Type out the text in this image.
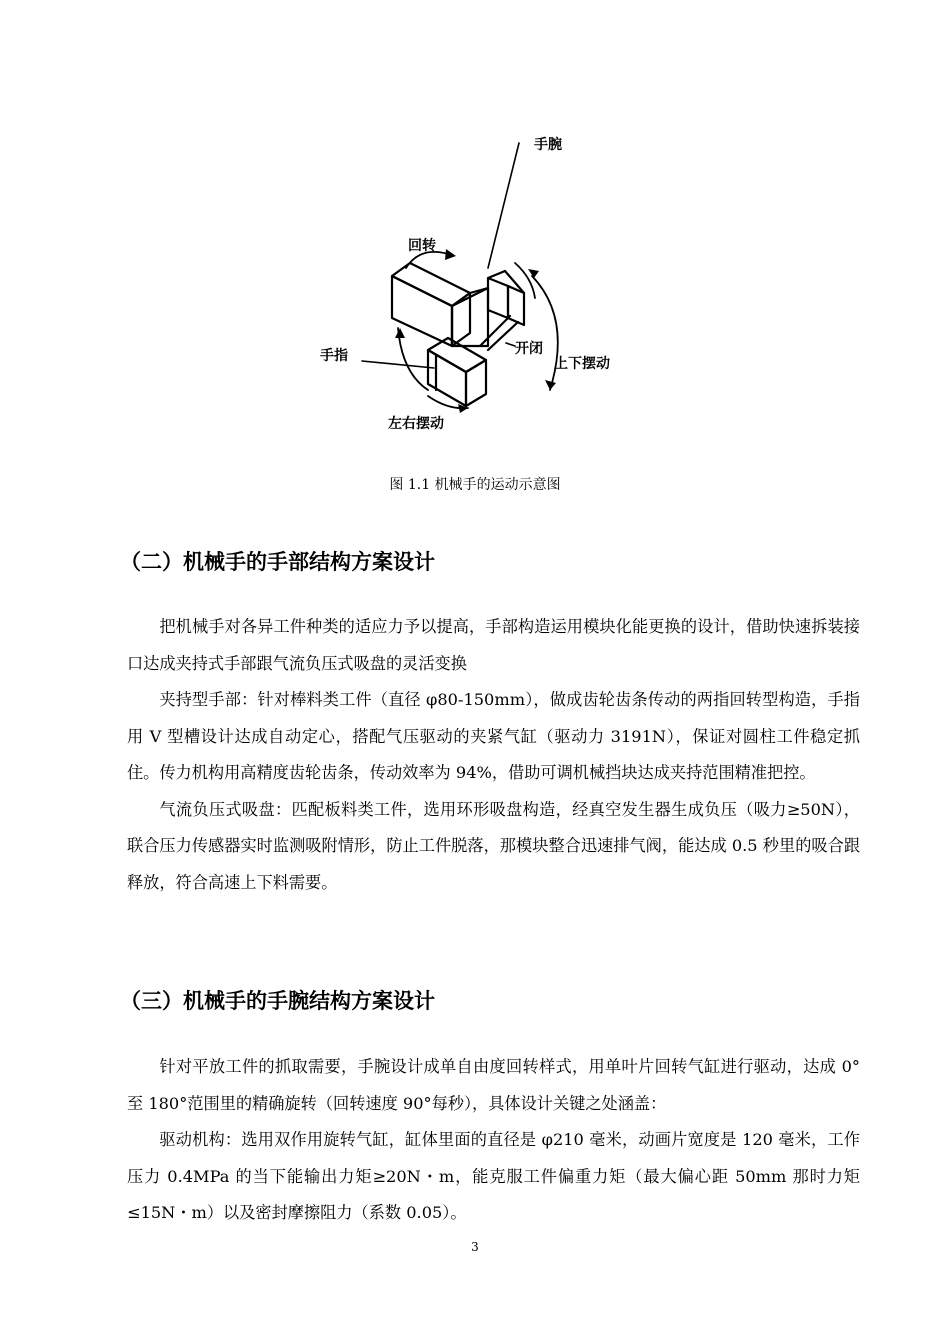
手腕
回转
手指	开闭
上下摆动
左右摆动
图 1.1 机械手的运动示意图
（二）机械手的手部结构方案设计

把机械手对各异工件种类的适应力予以提高，手部构造运用模块化能更换的设计，借助快速拆装接口达成夹持式手部跟气流负压式吸盘的灵活变换

夹持型手部：针对棒料类工件（直径 φ80-150mm），做成齿轮齿条传动的两指回转型构造，手指用 V 型槽设计达成自动定心，搭配气压驱动的夹紧气缸（驱动力 3191N），保证对圆柱工件稳定抓住。传力机构用高精度齿轮齿条，传动效率为 94%，借助可调机械挡块达成夹持范围精准把控。

气流负压式吸盘：匹配板料类工件，选用环形吸盘构造，经真空发生器生成负压（吸力≥50N），联合压力传感器实时监测吸附情形，防止工件脱落，那模块整合迅速排气阀，能达成 0.5 秒里的吸合跟释放，符合高速上下料需要。

（三）机械手的手腕结构方案设计

针对平放工件的抓取需要，手腕设计成单自由度回转样式，用单叶片回转气缸进行驱动，达成 0°至 180°范围里的精确旋转（回转速度 90°每秒），具体设计关键之处涵盖：

驱动机构：选用双作用旋转气缸，缸体里面的直径是 φ210 毫米，动画片宽度是 120 毫米，工作压力 0.4MPa 的当下能输出力矩≥20N・m，能克服工件偏重力矩（最大偏心距 50mm 那时力矩≤15N・m）以及密封摩擦阻力（系数 0.05）。

3
